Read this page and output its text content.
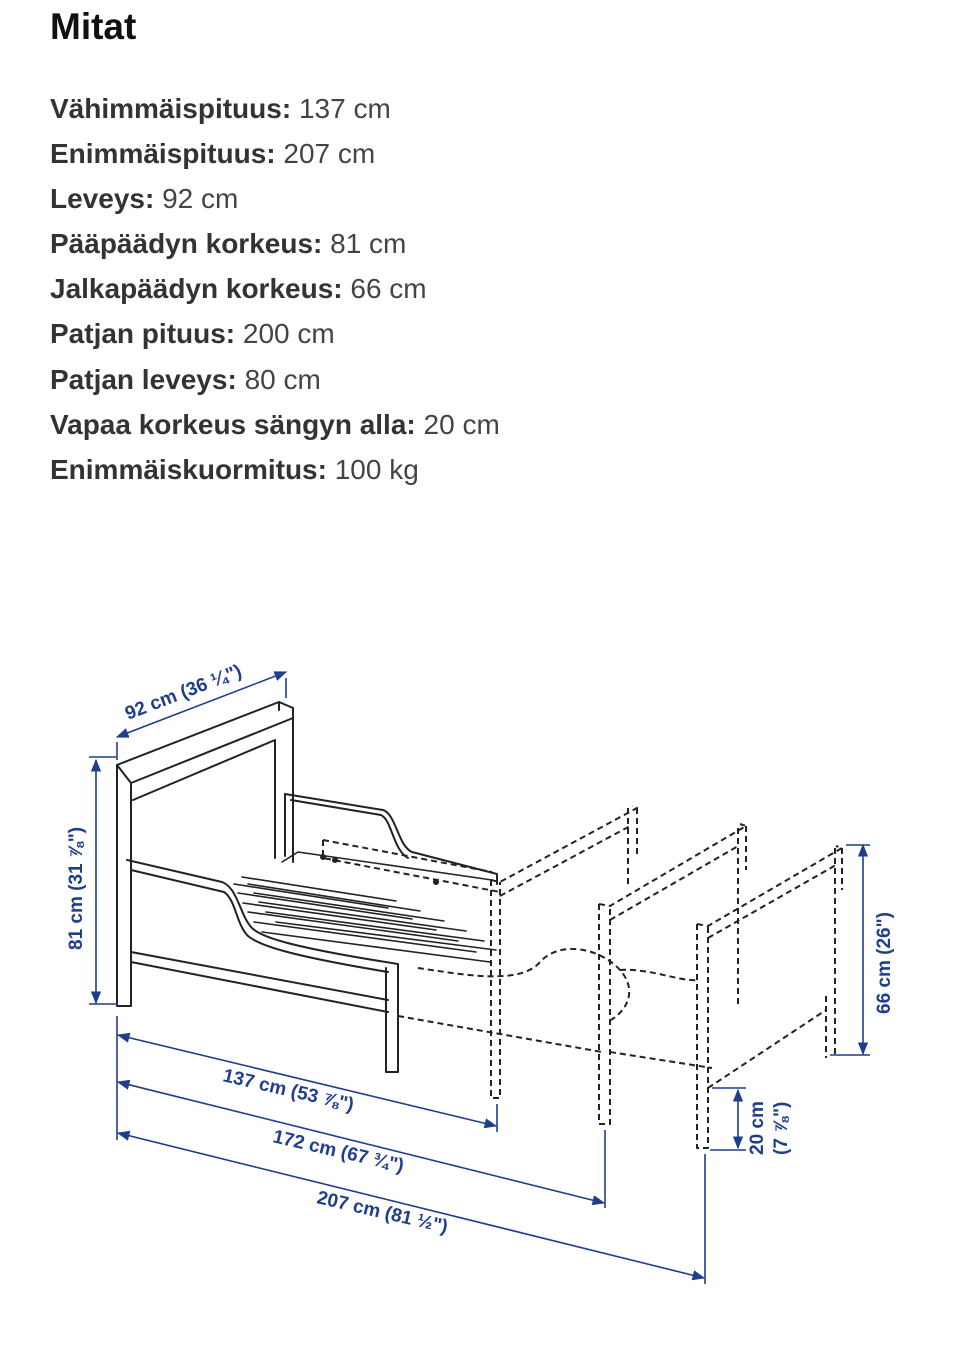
Mitat
Vähimmäispituus: 137 cm
Enimmäispituus: 207 cm
Leveys: 92 cm
Pääpäädyn korkeus: 81 cm
Jalkapäädyn korkeus: 66 cm
Patjan pituus: 200 cm
Patjan leveys: 80 cm
Vapaa korkeus sängyn alla: 20 cm
Enimmäiskuormitus: 100 kg
92 cm (36 ¼")
81 cm (31 ⅞")
66 cm (26")
20 cm (7 ⅞")
137 cm (53 ⅞")
172 cm (67 ¾")
207 cm (81 ½")
